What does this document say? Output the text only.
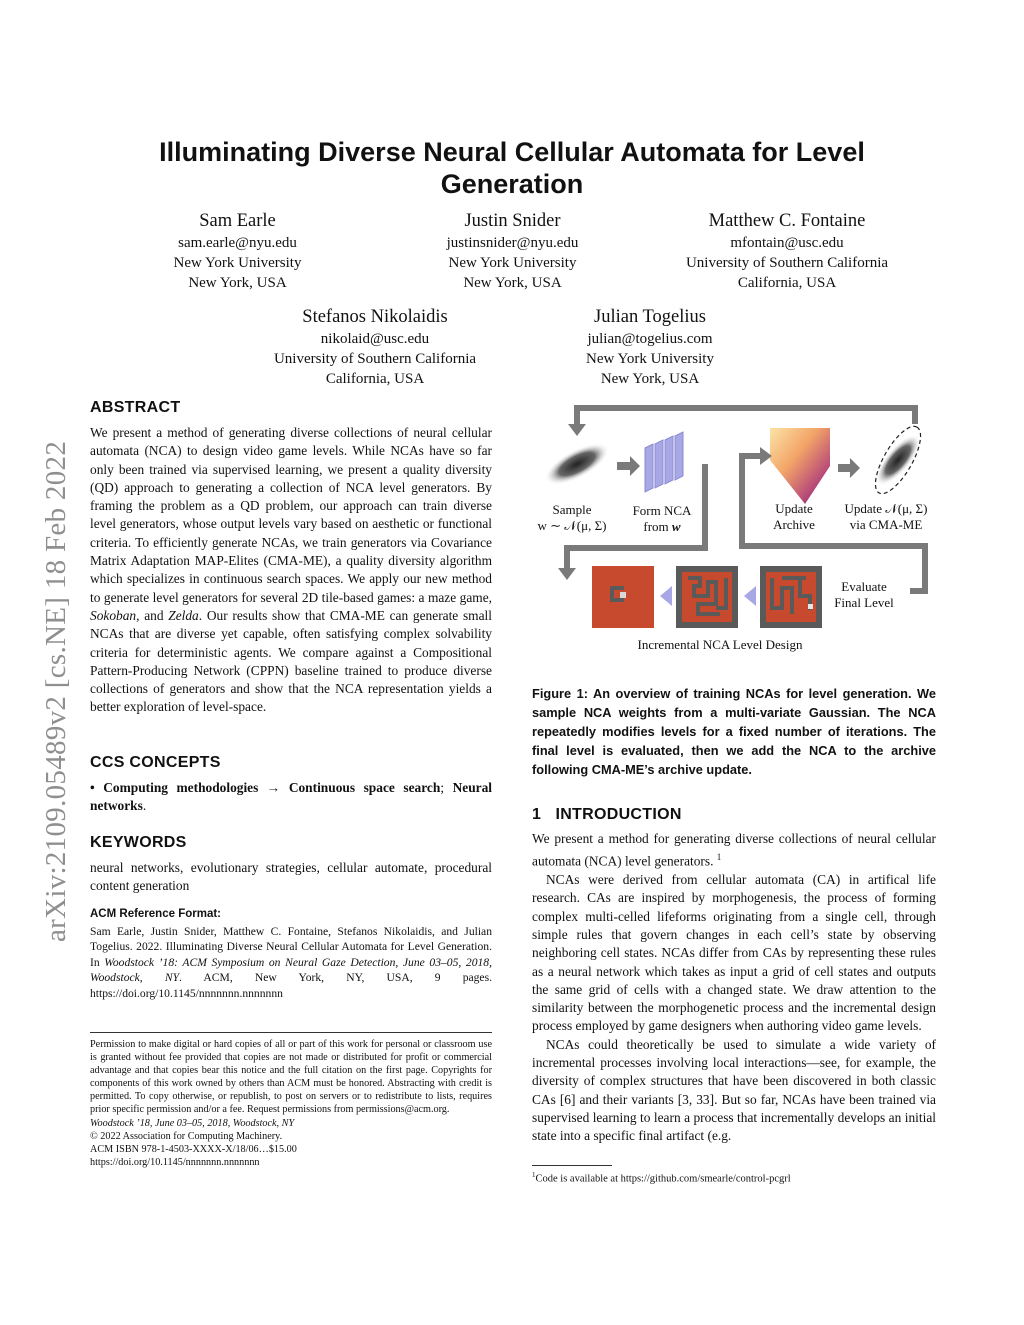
arXiv:2109.05489v2 [cs.NE] 18 Feb 2022
Illuminating Diverse Neural Cellular Automata for Level
Generation
Sam Earle
sam.earle@nyu.edu
New York University
New York, USA
Justin Snider
justinsnider@nyu.edu
New York University
New York, USA
Matthew C. Fontaine
mfontain@usc.edu
University of Southern California
California, USA
Stefanos Nikolaidis
nikolaid@usc.edu
University of Southern California
California, USA
Julian Togelius
julian@togelius.com
New York University
New York, USA
ABSTRACT
We present a method of generating diverse collections of neural cellular automata (NCA) to design video game levels. While NCAs have so far only been trained via supervised learning, we present a quality diversity (QD) approach to generating a collection of NCA level generators. By framing the problem as a QD problem, our approach can train diverse level generators, whose output levels vary based on aesthetic or functional criteria. To efficiently generate NCAs, we train generators via Covariance Matrix Adaptation MAP-Elites (CMA-ME), a quality diversity algorithm which specializes in continuous search spaces. We apply our new method to generate level generators for several 2D tile-based games: a maze game, Sokoban, and Zelda. Our results show that CMA-ME can generate small NCAs that are diverse yet capable, often satisfying complex solvability criteria for deterministic agents. We compare against a Compositional Pattern-Producing Network (CPPN) baseline trained to produce diverse collections of generators and show that the NCA representation yields a better exploration of level-space.
CCS CONCEPTS
• Computing methodologies → Continuous space search; Neural networks.
KEYWORDS
neural networks, evolutionary strategies, cellular automate, procedural content generation
ACM Reference Format:
Sam Earle, Justin Snider, Matthew C. Fontaine, Stefanos Nikolaidis, and Julian Togelius. 2022. Illuminating Diverse Neural Cellular Automata for Level Generation. In Woodstock ’18: ACM Symposium on Neural Gaze Detection, June 03–05, 2018, Woodstock, NY. ACM, New York, NY, USA, 9 pages. https://doi.org/10.1145/nnnnnnn.nnnnnnn
Permission to make digital or hard copies of all or part of this work for personal or classroom use is granted without fee provided that copies are not made or distributed for profit or commercial advantage and that copies bear this notice and the full citation on the first page. Copyrights for components of this work owned by others than ACM must be honored. Abstracting with credit is permitted. To copy otherwise, or republish, to post on servers or to redistribute to lists, requires prior specific permission and/or a fee. Request permissions from permissions@acm.org.
Woodstock ’18, June 03–05, 2018, Woodstock, NY
© 2022 Association for Computing Machinery.
ACM ISBN 978-1-4503-XXXX-X/18/06…$15.00
https://doi.org/10.1145/nnnnnnn.nnnnnnn
Sample
w ∼ 𝒩(μ, Σ)
Form NCA
from w
Update
Archive
Update 𝒩(μ, Σ)
via CMA-ME
Evaluate
Final Level
Incremental NCA Level Design
Figure 1: An overview of training NCAs for level generation. We sample NCA weights from a multi-variate Gaussian. The NCA repeatedly modifies levels for a fixed number of iterations. The final level is evaluated, then we add the NCA to the archive following CMA-ME’s archive update.
1 INTRODUCTION

We present a method for generating diverse collections of neural cellular automata (NCA) level generators. $^1$

NCAs were derived from cellular automata (CA) in artifical life research. CAs are inspired by morphogenesis, the process of forming complex multi-celled lifeforms originating from a single cell, through simple rules that govern changes in each cell’s state by observing neighboring cell states. NCAs differ from CAs by representing these rules as a neural network which takes as input a grid of cell states and outputs the same grid of cells with a changed state. We draw attention to the similarity between the morphogenetic process and the incremental design process employed by game designers when authoring video game levels.

NCAs could theoretically be used to simulate a wide variety of incremental processes involving local interactions—see, for example, the diversity of complex structures that have been discovered in both classic CAs [6] and their variants [3, 33]. But so far, NCAs have been trained via supervised learning to learn a process that incrementally develops an initial state into a specific final artifact (e.g.

$^1$Code is available at https://github.com/smearle/control-pcgrl
